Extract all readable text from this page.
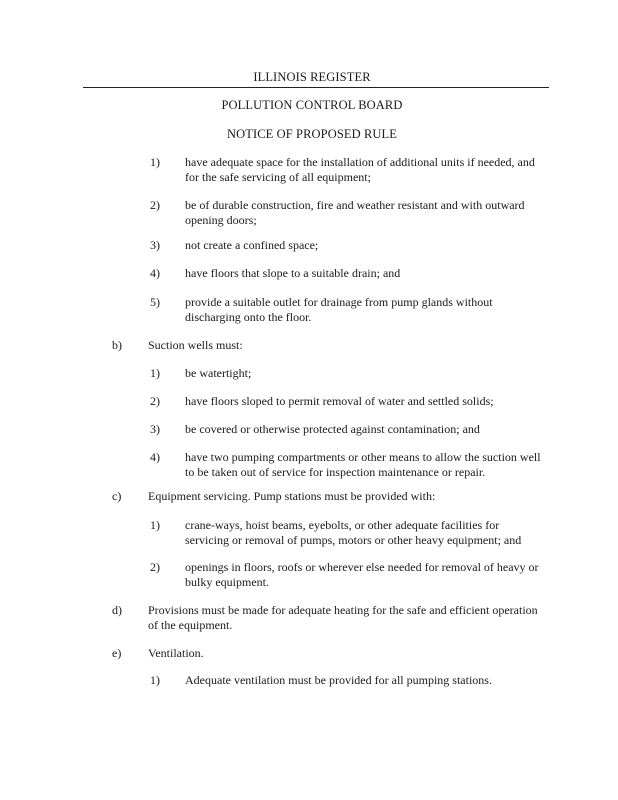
ILLINOIS REGISTER
POLLUTION CONTROL BOARD
NOTICE OF PROPOSED RULE
1) have adequate space for the installation of additional units if needed, and
for the safe servicing of all equipment;
2) be of durable construction, fire and weather resistant and with outward
opening doors;
3) not create a confined space;
4) have floors that slope to a suitable drain; and
5) provide a suitable outlet for drainage from pump glands without
discharging onto the floor.
b) Suction wells must:
1) be watertight;
2) have floors sloped to permit removal of water and settled solids;
3) be covered or otherwise protected against contamination; and
4) have two pumping compartments or other means to allow the suction well
to be taken out of service for inspection maintenance or repair.
c) Equipment servicing. Pump stations must be provided with:
1) crane-ways, hoist beams, eyebolts, or other adequate facilities for
servicing or removal of pumps, motors or other heavy equipment; and
2) openings in floors, roofs or wherever else needed for removal of heavy or
bulky equipment.
d) Provisions must be made for adequate heating for the safe and efficient operation
of the equipment.
e) Ventilation.
1) Adequate ventilation must be provided for all pumping stations.
